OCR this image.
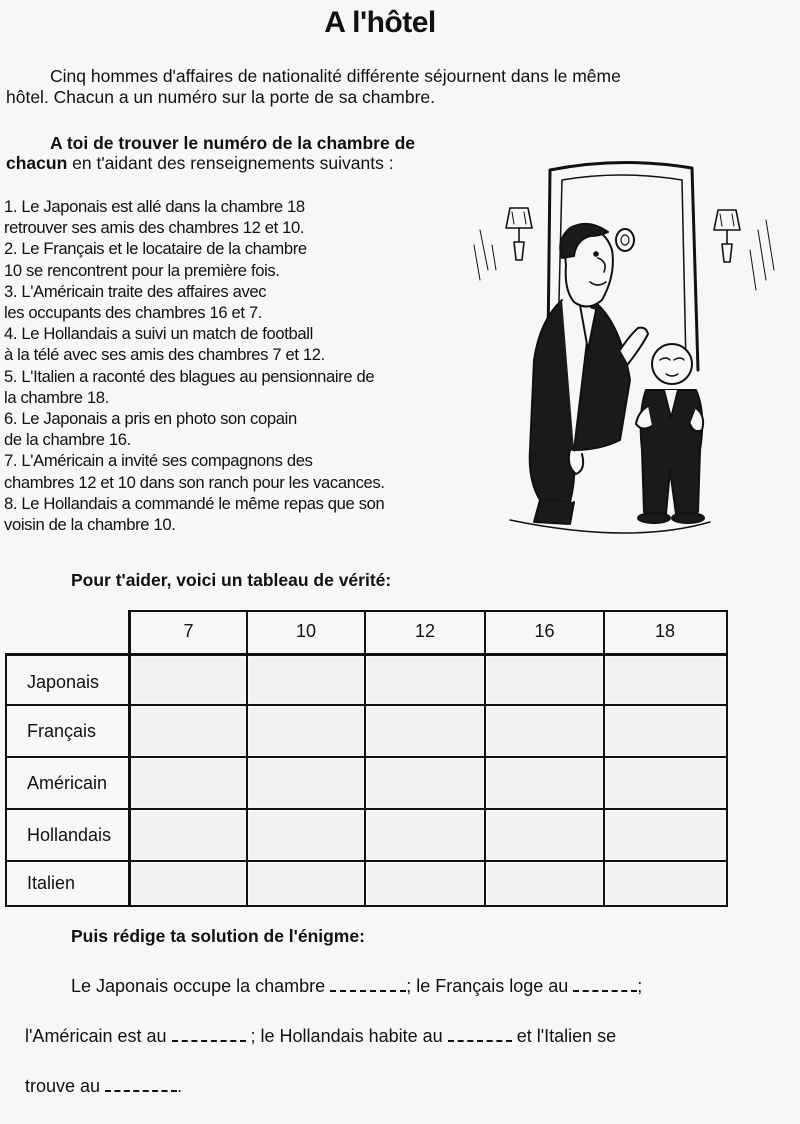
A l'hôtel
Cinq hommes d'affaires de nationalité différente séjournent dans le même
hôtel. Chacun a un numéro sur la porte de sa chambre.
A toi de trouver le numéro de la chambre de
chacun en t'aidant des renseignements suivants :
1. Le Japonais est allé dans la chambre 18
retrouver ses amis des chambres 12 et 10.
2. Le Français et le locataire de la chambre
10 se rencontrent pour la première fois.
3. L'Américain traite des affaires avec
les occupants des chambres 16 et 7.
4. Le Hollandais a suivi un match de football
à la télé avec ses amis des chambres 7 et 12.
5. L'Italien a raconté des blagues au pensionnaire de
la chambre 18.
6. Le Japonais a pris en photo son copain
de la chambre 16.
7. L'Américain a invité ses compagnons des
chambres 12 et 10 dans son ranch pour les vacances.
8. Le Hollandais a commandé le même repas que son
voisin de la chambre 10.
Pour t'aider, voici un tableau de vérité:
7	10	12	16	18
Japonais
Français
Américain
Hollandais
Italien
Puis rédige ta solution de l'énigme:
Le Japonais occupe la chambre	; le Français loge au	;
l'Américain est au	; le Hollandais habite au	et l'Italien se
trouve au	.
